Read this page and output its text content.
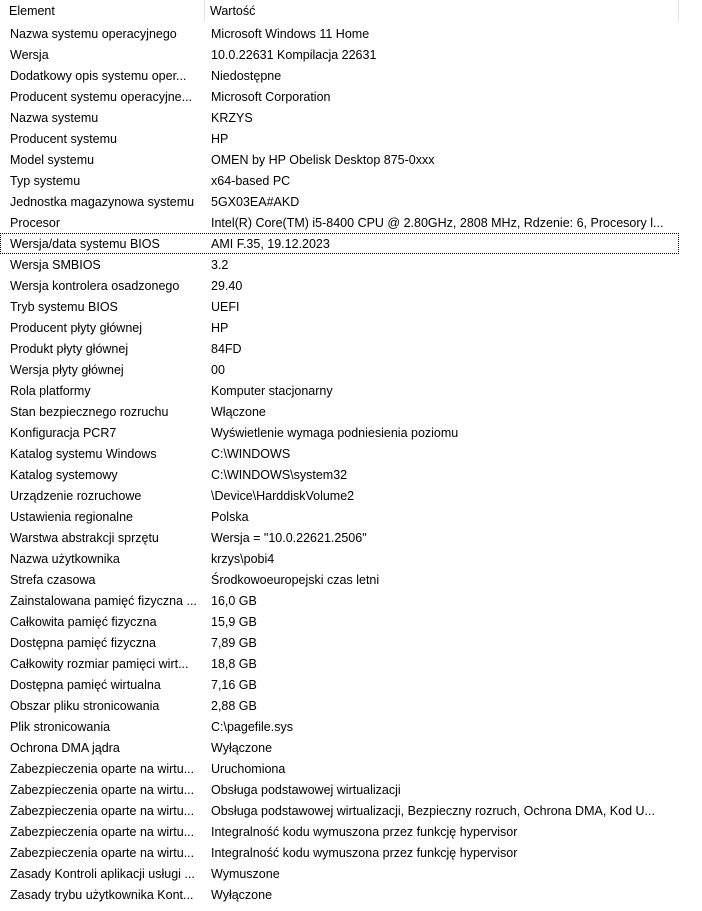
Element	Wartość
Nazwa systemu operacyjnego	Microsoft Windows 11 Home
Wersja	10.0.22631 Kompilacja 22631
Dodatkowy opis systemu oper...	Niedostępne
Producent systemu operacyjne...	Microsoft Corporation
Nazwa systemu	KRZYS
Producent systemu	HP
Model systemu	OMEN by HP Obelisk Desktop 875-0xxx
Typ systemu	x64-based PC
Jednostka magazynowa systemu	5GX03EA#AKD
Procesor	Intel(R) Core(TM) i5-8400 CPU @ 2.80GHz, 2808 MHz, Rdzenie: 6, Procesory l...
Wersja/data systemu BIOS	AMI F.35, 19.12.2023
Wersja SMBIOS	3.2
Wersja kontrolera osadzonego	29.40
Tryb systemu BIOS	UEFI
Producent płyty głównej	HP
Produkt płyty głównej	84FD
Wersja płyty głównej	00
Rola platformy	Komputer stacjonarny
Stan bezpiecznego rozruchu	Włączone
Konfiguracja PCR7	Wyświetlenie wymaga podniesienia poziomu
Katalog systemu Windows	C:\WINDOWS
Katalog systemowy	C:\WINDOWS\system32
Urządzenie rozruchowe	\Device\HarddiskVolume2
Ustawienia regionalne	Polska
Warstwa abstrakcji sprzętu	Wersja = "10.0.22621.2506"
Nazwa użytkownika	krzys\pobi4
Strefa czasowa	Środkowoeuropejski czas letni
Zainstalowana pamięć fizyczna ...	16,0 GB
Całkowita pamięć fizyczna	15,9 GB
Dostępna pamięć fizyczna	7,89 GB
Całkowity rozmiar pamięci wirt...	18,8 GB
Dostępna pamięć wirtualna	7,16 GB
Obszar pliku stronicowania	2,88 GB
Plik stronicowania	C:\pagefile.sys
Ochrona DMA jądra	Wyłączone
Zabezpieczenia oparte na wirtu...	Uruchomiona
Zabezpieczenia oparte na wirtu...	Obsługa podstawowej wirtualizacji
Zabezpieczenia oparte na wirtu...	Obsługa podstawowej wirtualizacji, Bezpieczny rozruch, Ochrona DMA, Kod U...
Zabezpieczenia oparte na wirtu...	Integralność kodu wymuszona przez funkcję hypervisor
Zabezpieczenia oparte na wirtu...	Integralność kodu wymuszona przez funkcję hypervisor
Zasady Kontroli aplikacji usługi ...	Wymuszone
Zasady trybu użytkownika Kont...	Wyłączone
